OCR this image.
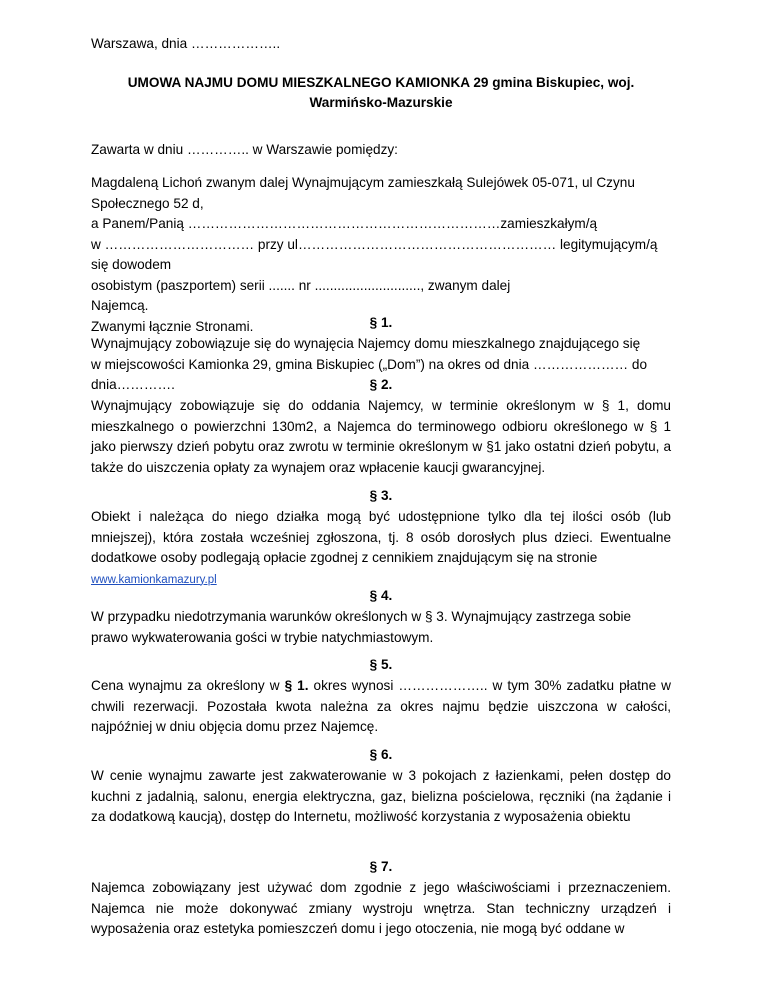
Warszawa, dnia ………………..

UMOWA NAJMU DOMU MIESZKALNEGO KAMIONKA 29 gmina Biskupiec, woj.
Warmińsko-Mazurskie

Zawarta w dniu ………….. w Warszawie pomiędzy:

Magdaleną Lichoń zwanym dalej Wynajmującym zamieszkałą Sulejówek 05-071, ul Czynu
Społecznego 52 d,
a Panem/Panią ……………………………………………………………zamieszkałym/ą
w …………………………… przy ul………………………………………………… legitymującym/ą się dowodem
osobistym (paszportem) serii ....... nr ............................, zwanym dalej
Najemcą.
Zwanymi łącznie Stronami.	§ 1.
Wynajmujący zobowiązuje się do wynajęcia Najemcy domu mieszkalnego znajdującego się
w miejscowości Kamionka 29, gmina Biskupiec („Dom”) na okres od dnia ………………… do
dnia………….	§ 2.

Wynajmujący zobowiązuje się do oddania Najemcy, w terminie określonym w § 1, domu mieszkalnego o powierzchni 130m2, a Najemca do terminowego odbioru określonego w § 1 jako pierwszy dzień pobytu oraz zwrotu w terminie określonym w §1 jako ostatni dzień pobytu, a także do uiszczenia opłaty za wynajem oraz wpłacenie kaucji gwarancyjnej.

§ 3.

Obiekt i należąca do niego działka mogą być udostępnione tylko dla tej ilości osób (lub mniejszej), która została wcześniej zgłoszona, tj. 8 osób dorosłych plus dzieci. Ewentualne dodatkowe osoby podlegają opłacie zgodnej z cennikiem znajdującym się na stronie

www.kamionkamazury.pl
§ 4.
W przypadku niedotrzymania warunków określonych w § 3. Wynajmujący zastrzega sobie
prawo wykwaterowania gości w trybie natychmiastowym.
§ 5.

Cena wynajmu za określony w § 1. okres wynosi ……………….. w tym 30% zadatku płatne w chwili rezerwacji. Pozostała kwota należna za okres najmu będzie uiszczona w całości, najpóźniej w dniu objęcia domu przez Najemcę.

§ 6.

W cenie wynajmu zawarte jest zakwaterowanie w 3 pokojach z łazienkami, pełen dostęp do kuchni z jadalnią, salonu, energia elektryczna, gaz, bielizna pościelowa, ręczniki (na żądanie i za dodatkową kaucją), dostęp do Internetu, możliwość korzystania z wyposażenia obiektu

§ 7.

Najemca zobowiązany jest używać dom zgodnie z jego właściwościami i przeznaczeniem. Najemca nie może dokonywać zmiany wystroju wnętrza. Stan techniczny urządzeń i wyposażenia oraz estetyka pomieszczeń domu i jego otoczenia, nie mogą być oddane w
